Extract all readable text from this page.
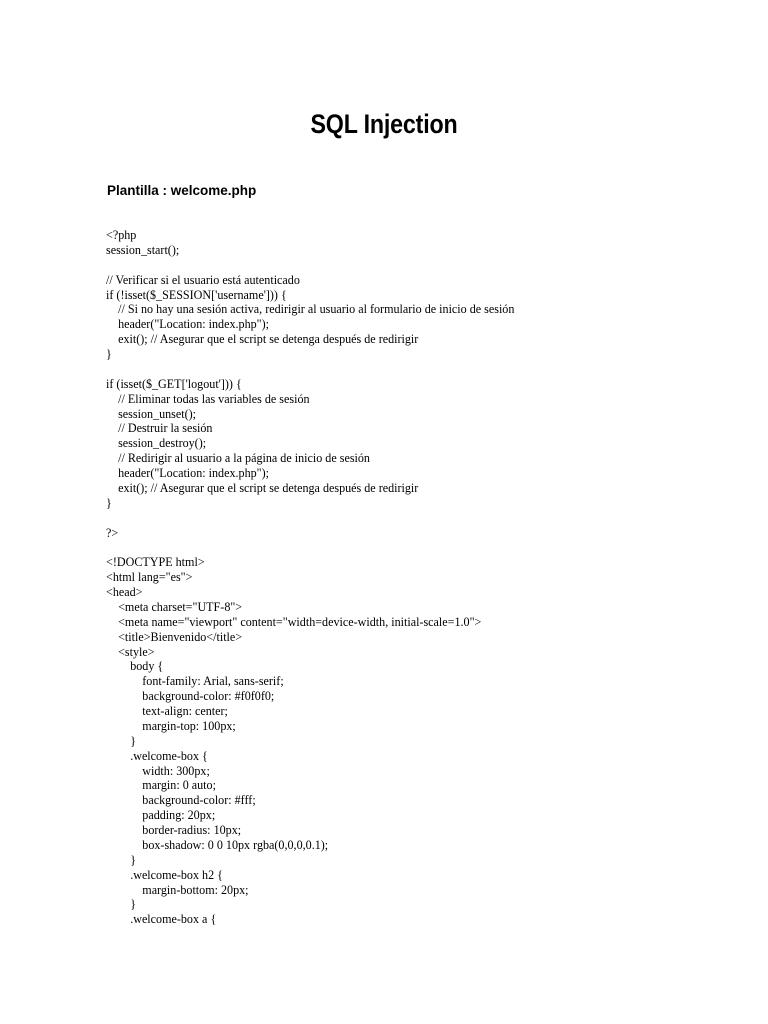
SQL Injection
Plantilla : welcome.php
<?php
session_start();
// Verificar si el usuario está autenticado
if (!isset($_SESSION['username'])) {
// Si no hay una sesión activa, redirigir al usuario al formulario de inicio de sesión
header("Location: index.php");
exit(); // Asegurar que el script se detenga después de redirigir
}
if (isset($_GET['logout'])) {
// Eliminar todas las variables de sesión
session_unset();
// Destruir la sesión
session_destroy();
// Redirigir al usuario a la página de inicio de sesión
header("Location: index.php");
exit(); // Asegurar que el script se detenga después de redirigir
}
?>
<!DOCTYPE html>
<html lang="es">
<head>
<meta charset="UTF-8">
<meta name="viewport" content="width=device-width, initial-scale=1.0">
<title>Bienvenido</title>
<style>
body {
font-family: Arial, sans-serif;
background-color: #f0f0f0;
text-align: center;
margin-top: 100px;
}
.welcome-box {
width: 300px;
margin: 0 auto;
background-color: #fff;
padding: 20px;
border-radius: 10px;
box-shadow: 0 0 10px rgba(0,0,0,0.1);
}
.welcome-box h2 {
margin-bottom: 20px;
}
.welcome-box a {
